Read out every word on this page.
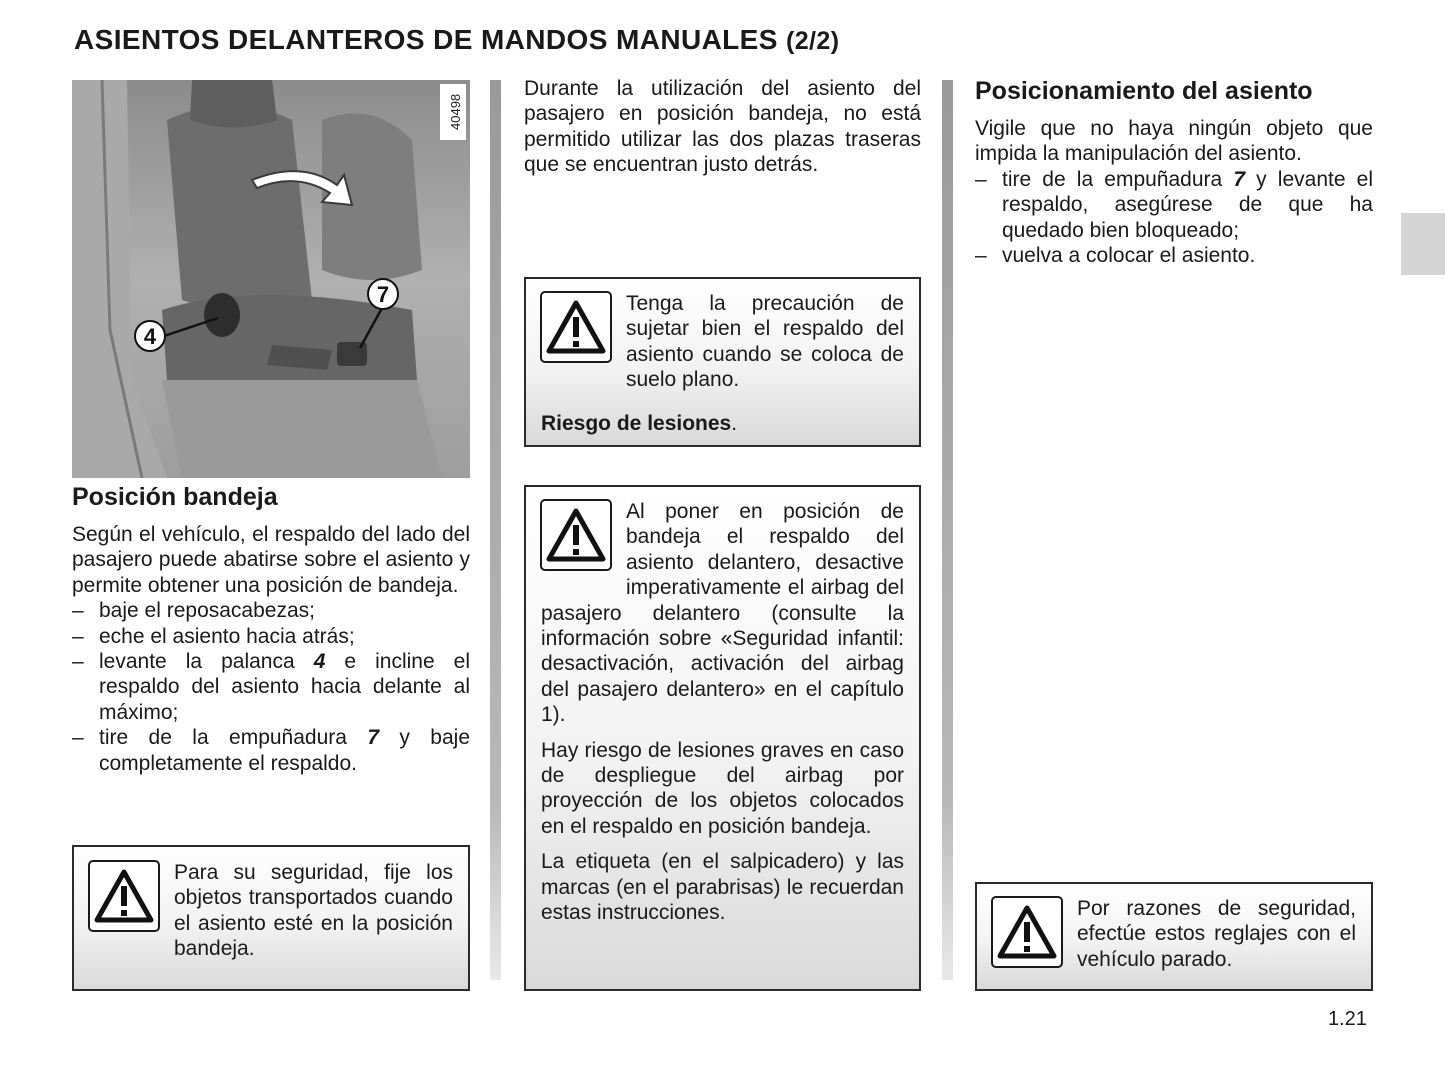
ASIENTOS DELANTEROS DE MANDOS MANUALES (2/2)
4
7
40498
Posición bandeja

Según el vehículo, el respaldo del lado del pasajero puede abatirse sobre el asiento y permite obtener una posición de bandeja.

– baje el reposacabezas;
– eche el asiento hacia atrás;
– levante la palanca 4 e incline el respaldo del asiento hacia delante al máximo;
– tire de la empuñadura 7 y baje completamente el respaldo.

Para su seguridad, fije los objetos transportados cuando el asiento esté en la posición bandeja.

Durante la utilización del asiento del pasajero en posición bandeja, no está permitido utilizar las dos plazas traseras que se encuentran justo detrás.

Tenga la precaución de sujetar bien el respaldo del asiento cuando se coloca de suelo plano.

Riesgo de lesiones.

Al poner en posición de bandeja el respaldo del asiento delantero, desactive imperativamente el airbag del pasajero delantero (consulte la información sobre «Seguridad infantil: desactivación, activación del airbag del pasajero delantero» en el capítulo 1).

Hay riesgo de lesiones graves en caso de despliegue del airbag por proyección de los objetos colocados en el respaldo en posición bandeja.

La etiqueta (en el salpicadero) y las marcas (en el parabrisas) le recuerdan estas instrucciones.

Posicionamiento del asiento

Vigile que no haya ningún objeto que impida la manipulación del asiento.

– tire de la empuñadura 7 y levante el respaldo, asegúrese de que ha quedado bien bloqueado;
– vuelva a colocar el asiento.

Por razones de seguridad, efectúe estos reglajes con el vehículo parado.

1.21
